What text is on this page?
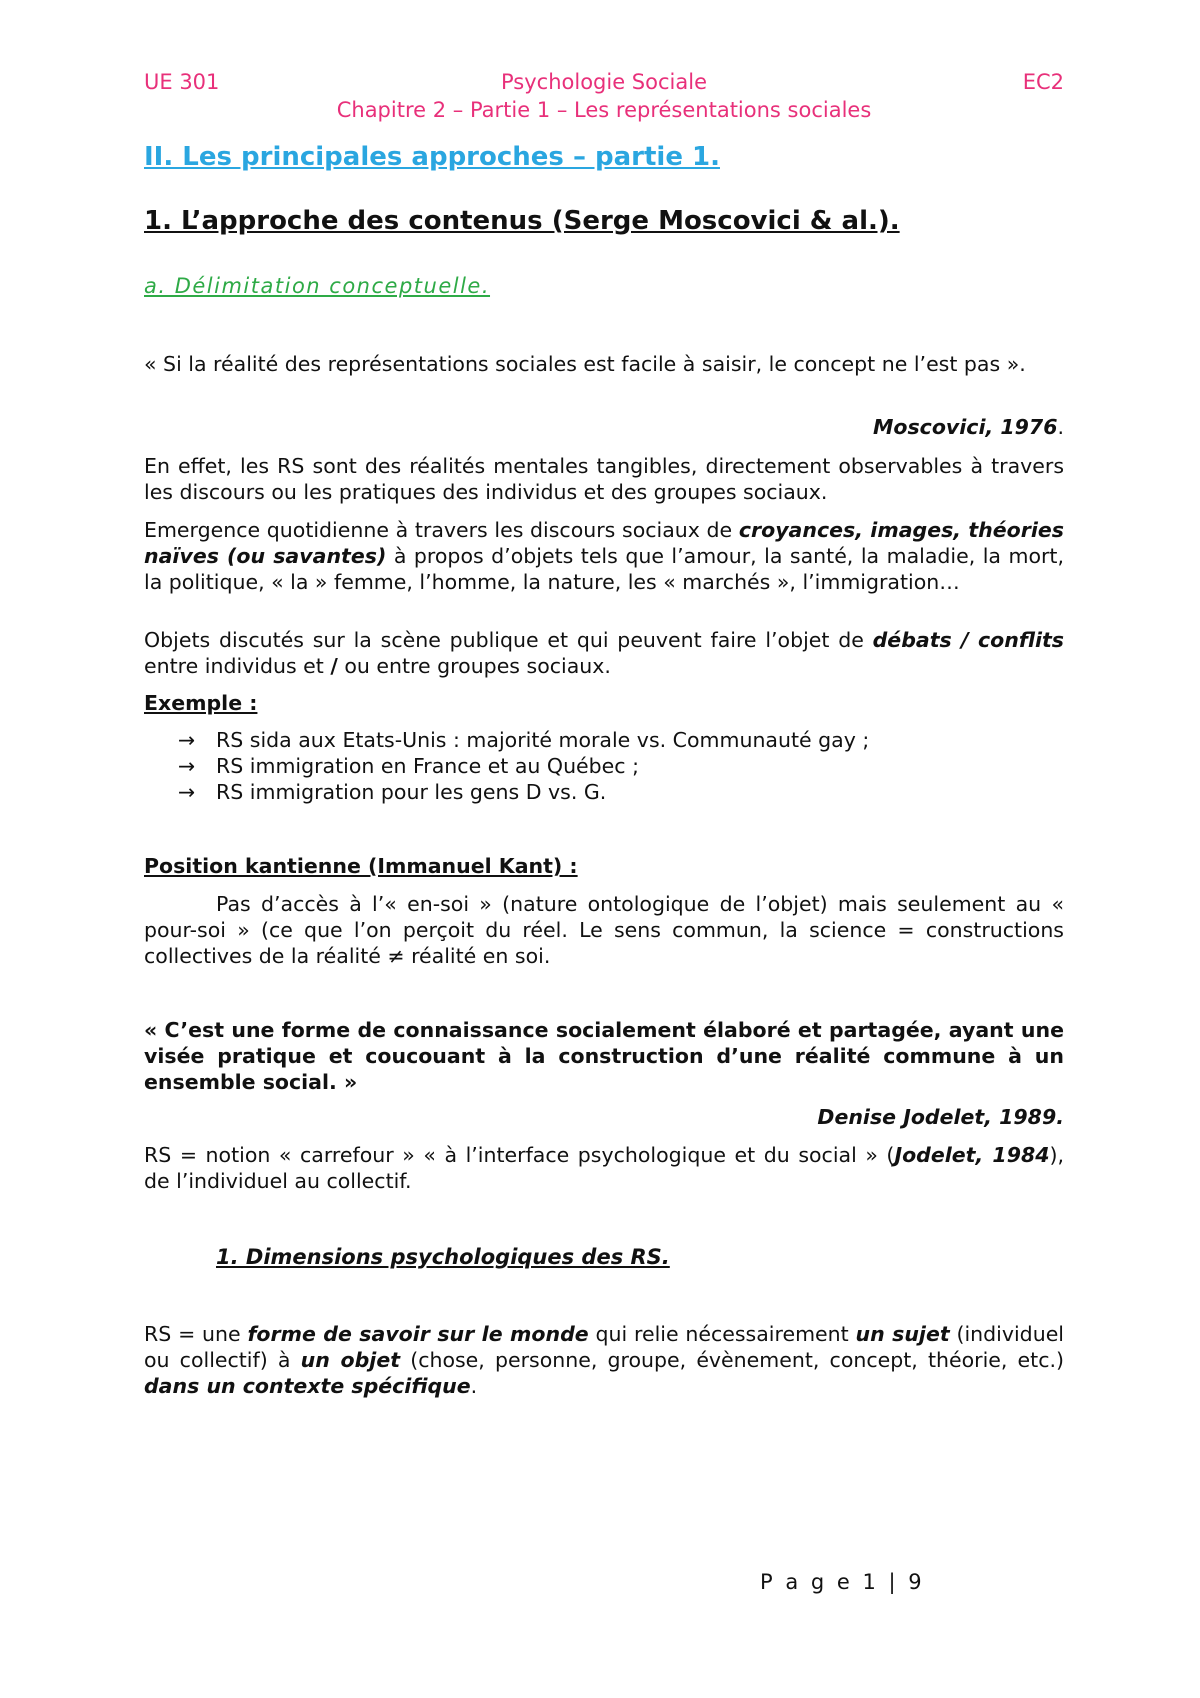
UE 301	Psychologie Sociale	EC2
Chapitre 2 – Partie 1 – Les représentations sociales
II. Les principales approches – partie 1.
1. L’approche des contenus (Serge Moscovici & al.).
a. Délimitation conceptuelle.
« Si la réalité des représentations sociales est facile à saisir, le concept ne l’est pas ».
Moscovici, 1976.
En effet, les RS sont des réalités mentales tangibles, directement observables à travers les discours ou les pratiques des individus et des groupes sociaux.
Emergence quotidienne à travers les discours sociaux de croyances, images, théories naïves (ou savantes) à propos d’objets tels que l’amour, la santé, la maladie, la mort, la politique, « la » femme, l’homme, la nature, les « marchés », l’immigration…
Objets discutés sur la scène publique et qui peuvent faire l’objet de débats / conflits entre individus et / ou entre groupes sociaux.
Exemple :
→ RS sida aux Etats-Unis : majorité morale vs. Communauté gay ;
→ RS immigration en France et au Québec ;
→ RS immigration pour les gens D vs. G.
Position kantienne (Immanuel Kant) :
Pas d’accès à l’« en-soi » (nature ontologique de l’objet) mais seulement au « pour-soi » (ce que l’on perçoit du réel. Le sens commun, la science = constructions collectives de la réalité ≠ réalité en soi.
« C’est une forme de connaissance socialement élaboré et partagée, ayant une visée pratique et coucouant à la construction d’une réalité commune à un ensemble social. »
Denise Jodelet, 1989.
RS = notion « carrefour » « à l’interface psychologique et du social » (Jodelet, 1984), de l’individuel au collectif.
1. Dimensions psychologiques des RS.
RS = une forme de savoir sur le monde qui relie nécessairement un sujet (individuel ou collectif) à un objet (chose, personne, groupe, évènement, concept, théorie, etc.) dans un contexte spécifique.
P a g e 1 | 9
